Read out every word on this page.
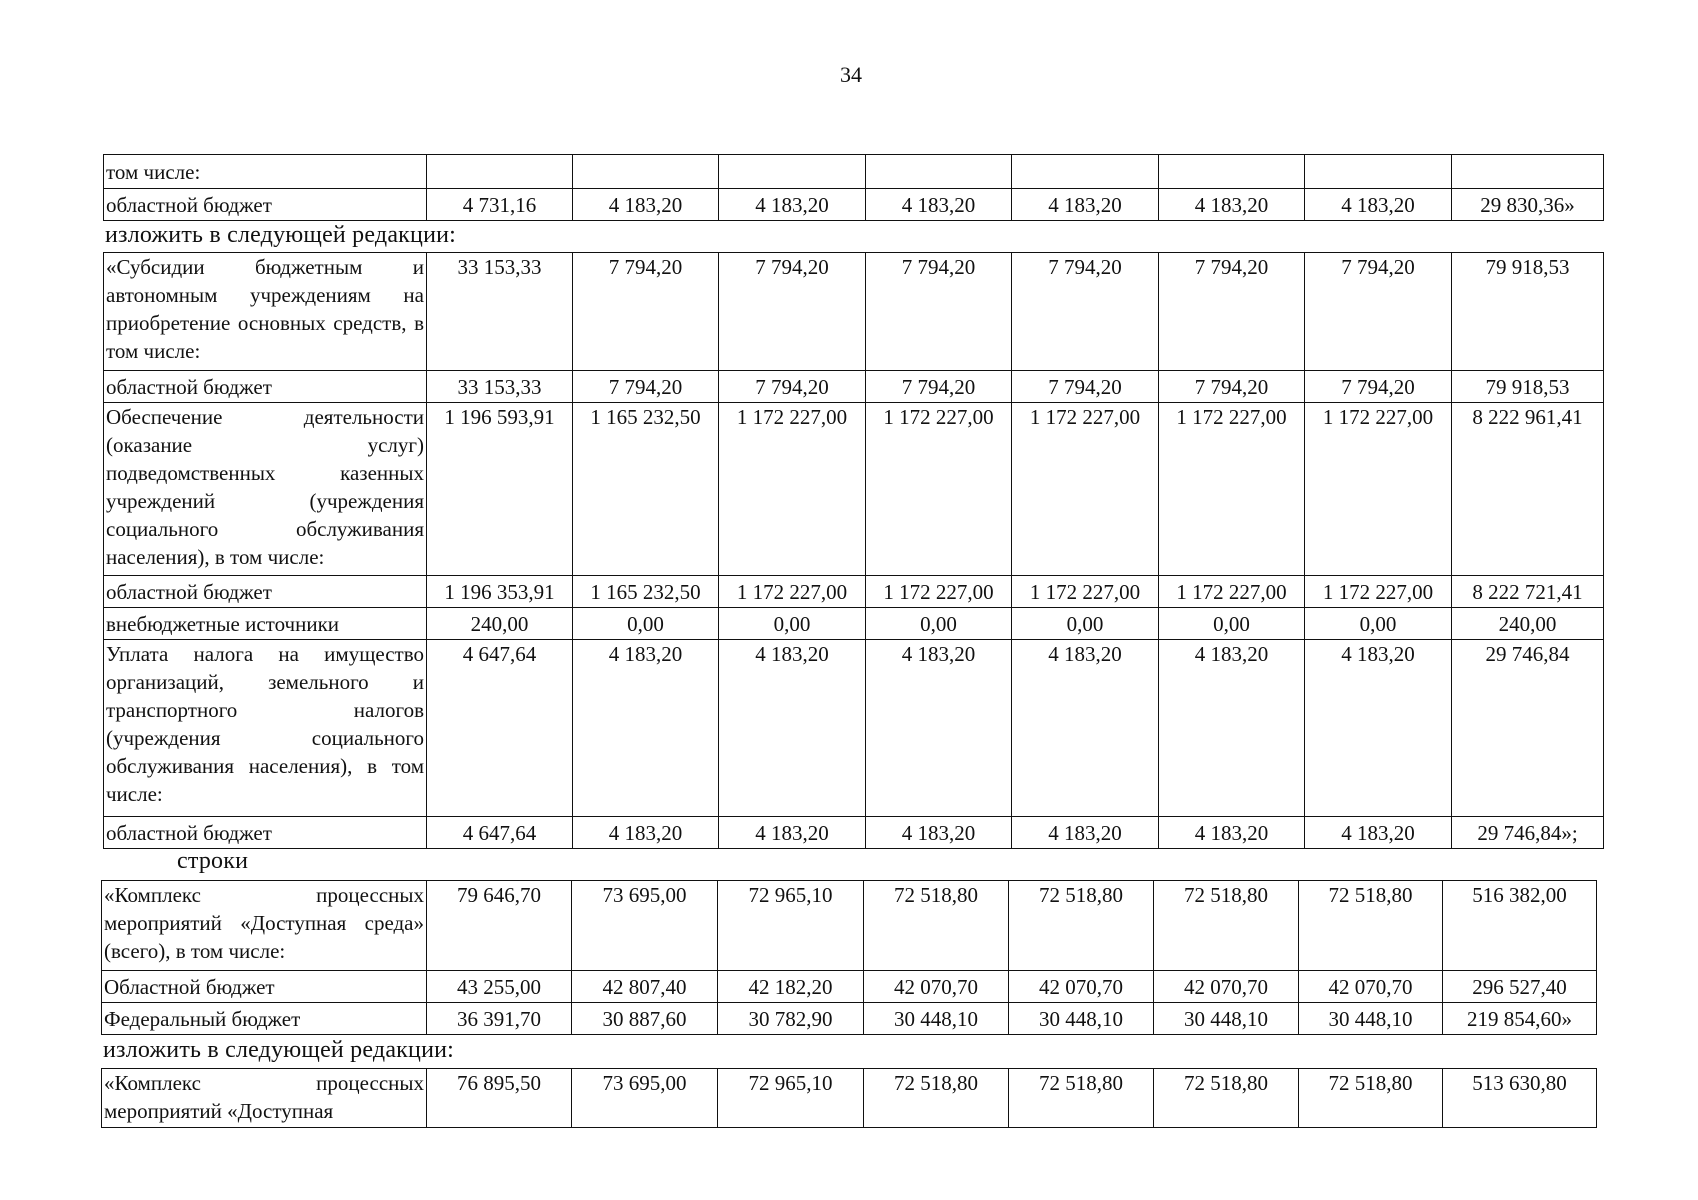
34
том числе:								
областной бюджет	4 731,16	4 183,20	4 183,20	4 183,20	4 183,20	4 183,20	4 183,20	29 830,36»
изложить в следующей редакции:
«Субсидии бюджетным и автономным учреждениям на приобретение основных средств, в том числе:	33 153,33	7 794,20	7 794,20	7 794,20	7 794,20	7 794,20	7 794,20	79 918,53
областной бюджет	33 153,33	7 794,20	7 794,20	7 794,20	7 794,20	7 794,20	7 794,20	79 918,53
Обеспечение деятельности (оказание услуг) подведомственных казенных учреждений (учреждения социального обслуживания населения), в том числе:	1 196 593,91	1 165 232,50	1 172 227,00	1 172 227,00	1 172 227,00	1 172 227,00	1 172 227,00	8 222 961,41
областной бюджет	1 196 353,91	1 165 232,50	1 172 227,00	1 172 227,00	1 172 227,00	1 172 227,00	1 172 227,00	8 222 721,41
внебюджетные источники	240,00	0,00	0,00	0,00	0,00	0,00	0,00	240,00
Уплата налога на имущество организаций, земельного и транспортного налогов (учреждения социального обслуживания населения), в том числе:	4 647,64	4 183,20	4 183,20	4 183,20	4 183,20	4 183,20	4 183,20	29 746,84
областной бюджет	4 647,64	4 183,20	4 183,20	4 183,20	4 183,20	4 183,20	4 183,20	29 746,84»;
строки
«Комплекс процессных мероприятий «Доступная среда» (всего), в том числе:	79 646,70	73 695,00	72 965,10	72 518,80	72 518,80	72 518,80	72 518,80	516 382,00
Областной бюджет	43 255,00	42 807,40	42 182,20	42 070,70	42 070,70	42 070,70	42 070,70	296 527,40
Федеральный бюджет	36 391,70	30 887,60	30 782,90	30 448,10	30 448,10	30 448,10	30 448,10	219 854,60»
изложить в следующей редакции:
«Комплекс процессных мероприятий «Доступная	76 895,50	73 695,00	72 965,10	72 518,80	72 518,80	72 518,80	72 518,80	513 630,80
